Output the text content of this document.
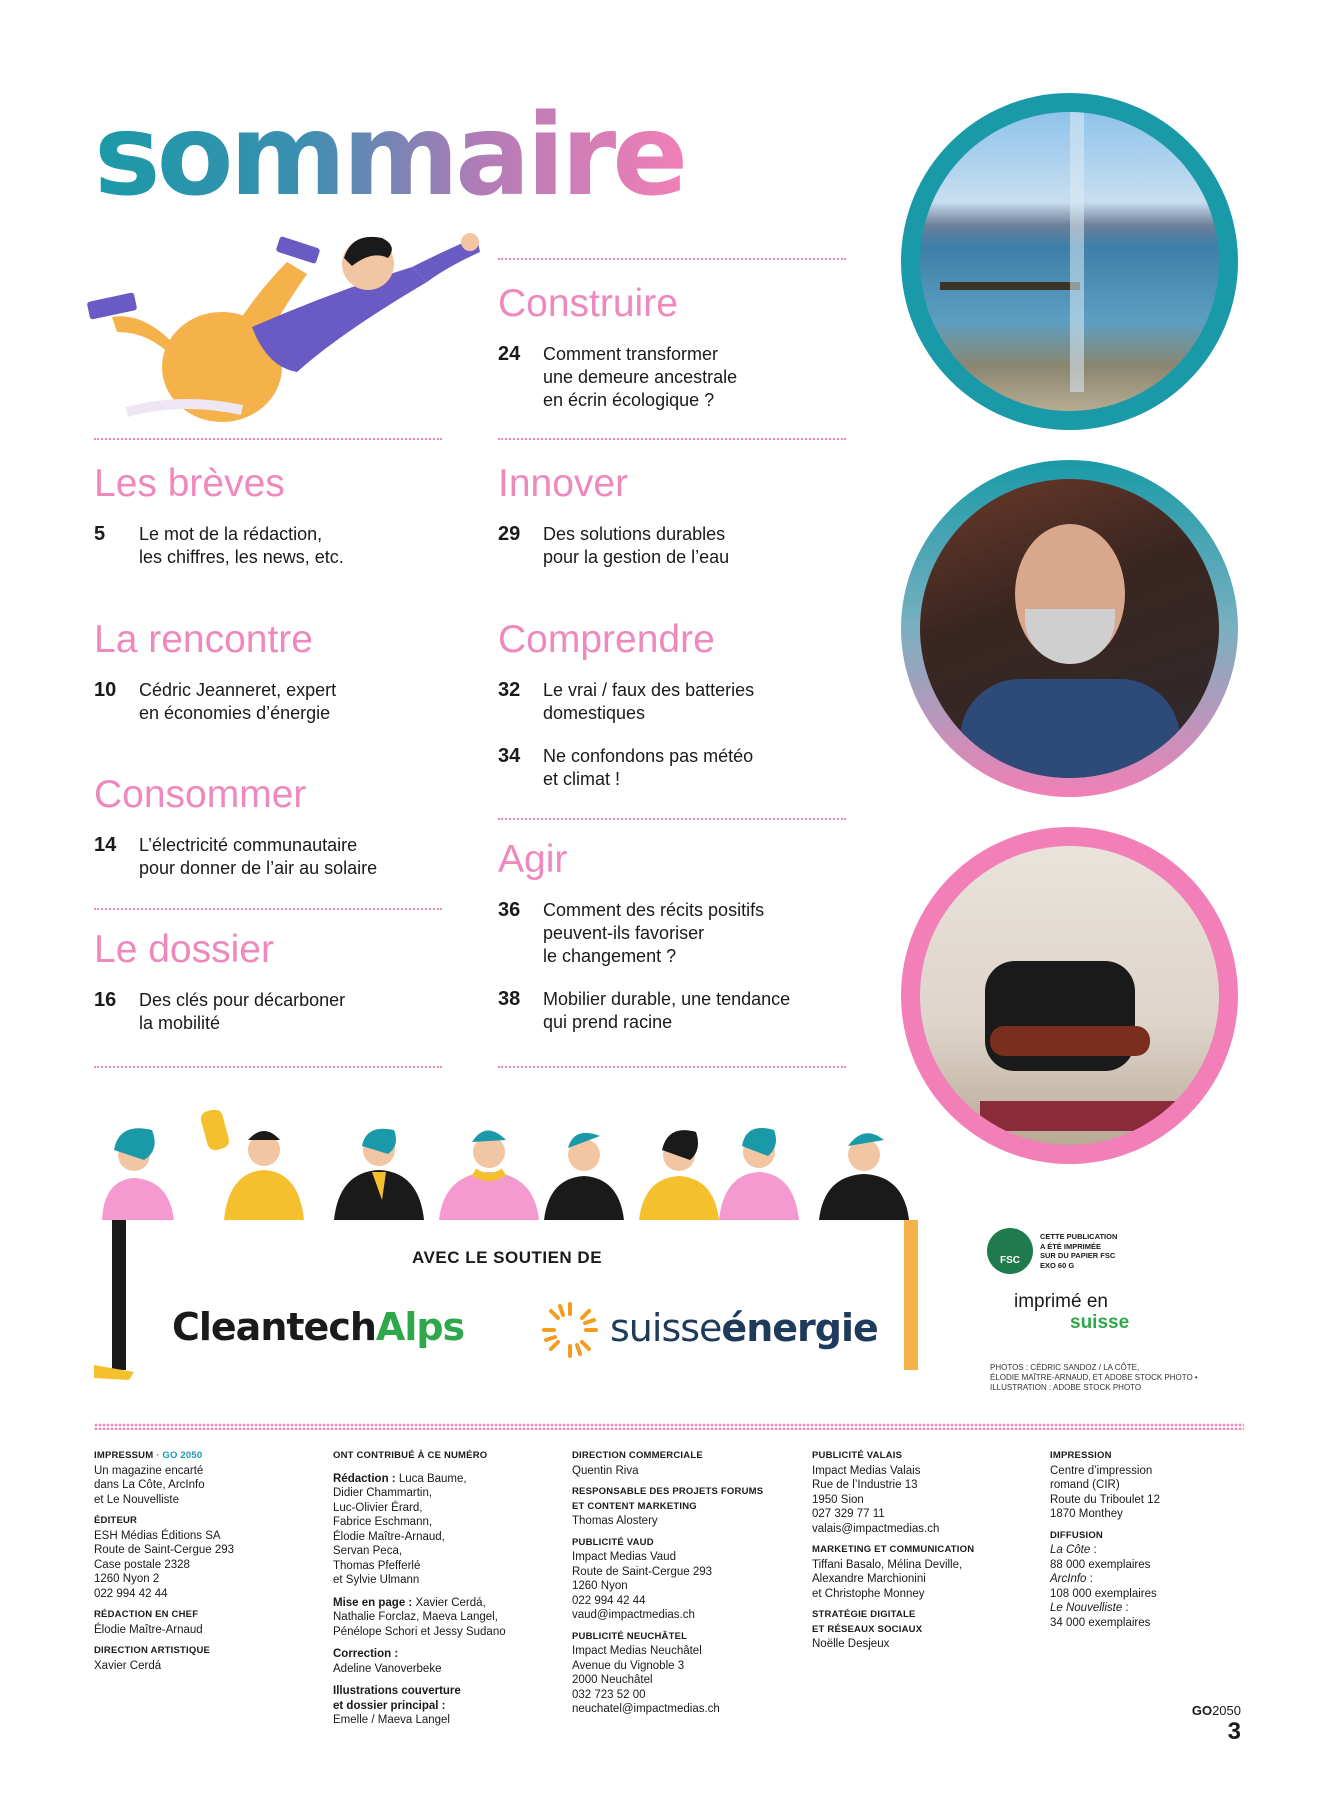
sommaire
Les brèves
5	Le mot de la rédaction,
les chiffres, les news, etc.
La rencontre
10	Cédric Jeanneret, expert
en économies d’énergie
Consommer
14	L’électricité communautaire
pour donner de l’air au solaire
Le dossier
16	Des clés pour décarboner
la mobilité
Construire
24	Comment transformer
une demeure ancestrale
en écrin écologique ?
Innover
29	Des solutions durables
pour la gestion de l’eau
Comprendre
32	Le vrai / faux des batteries
domestiques
34	Ne confondons pas météo
et climat !
Agir
36	Comment des récits positifs
peuvent-ils favoriser
le changement ?
38	Mobilier durable, une tendance
qui prend racine
AVEC LE SOUTIEN DE
CleantechAlps	suisseénergie
FSC
CETTE PUBLICATION
A ÉTÉ IMPRIMÉE
SUR DU PAPIER FSC
EXO 60 G
imprimé en
suisse
PHOTOS : CÉDRIC SANDOZ / LA CÔTE,
ÉLODIE MAÎTRE-ARNAUD, ET ADOBE STOCK PHOTO •
ILLUSTRATION : ADOBE STOCK PHOTO
IMPRESSUM · GO 2050
Un magazine encarté
dans La Côte, ArcInfo
et Le Nouvelliste
ÉDITEUR
ESH Médias Éditions SA
Route de Saint-Cergue 293
Case postale 2328
1260 Nyon 2
022 994 42 44
RÉDACTION EN CHEF
Élodie Maître-Arnaud
DIRECTION ARTISTIQUE
Xavier Cerdá
ONT CONTRIBUÉ À CE NUMÉRO
Rédaction : Luca Baume,
Didier Chammartin,
Luc-Olivier Érard,
Fabrice Eschmann,
Élodie Maître-Arnaud,
Servan Peca,
Thomas Pfefferlé
et Sylvie Ulmann
Mise en page : Xavier Cerdá,
Nathalie Forclaz, Maeva Langel,
Pénélope Schori et Jessy Sudano
Correction :
Adeline Vanoverbeke
Illustrations couverture
et dossier principal :
Emelle / Maeva Langel
DIRECTION COMMERCIALE
Quentin Riva
RESPONSABLE DES PROJETS FORUMS
ET CONTENT MARKETING
Thomas Alostery
PUBLICITÉ VAUD
Impact Medias Vaud
Route de Saint-Cergue 293
1260 Nyon
022 994 42 44
vaud@impactmedias.ch
PUBLICITÉ NEUCHÂTEL
Impact Medias Neuchâtel
Avenue du Vignoble 3
2000 Neuchâtel
032 723 52 00
neuchatel@impactmedias.ch
PUBLICITÉ VALAIS
Impact Medias Valais
Rue de l’Industrie 13
1950 Sion
027 329 77 11
valais@impactmedias.ch
MARKETING ET COMMUNICATION
Tiffani Basalo, Mélina Deville,
Alexandre Marchionini
et Christophe Monney
STRATÉGIE DIGITALE
ET RÉSEAUX SOCIAUX
Noëlle Desjeux
IMPRESSION
Centre d’impression
romand (CIR)
Route du Triboulet 12
1870 Monthey
DIFFUSION
La Côte :
88 000 exemplaires
ArcInfo :
108 000 exemplaires
Le Nouvelliste :
34 000 exemplaires
GO2050
3
